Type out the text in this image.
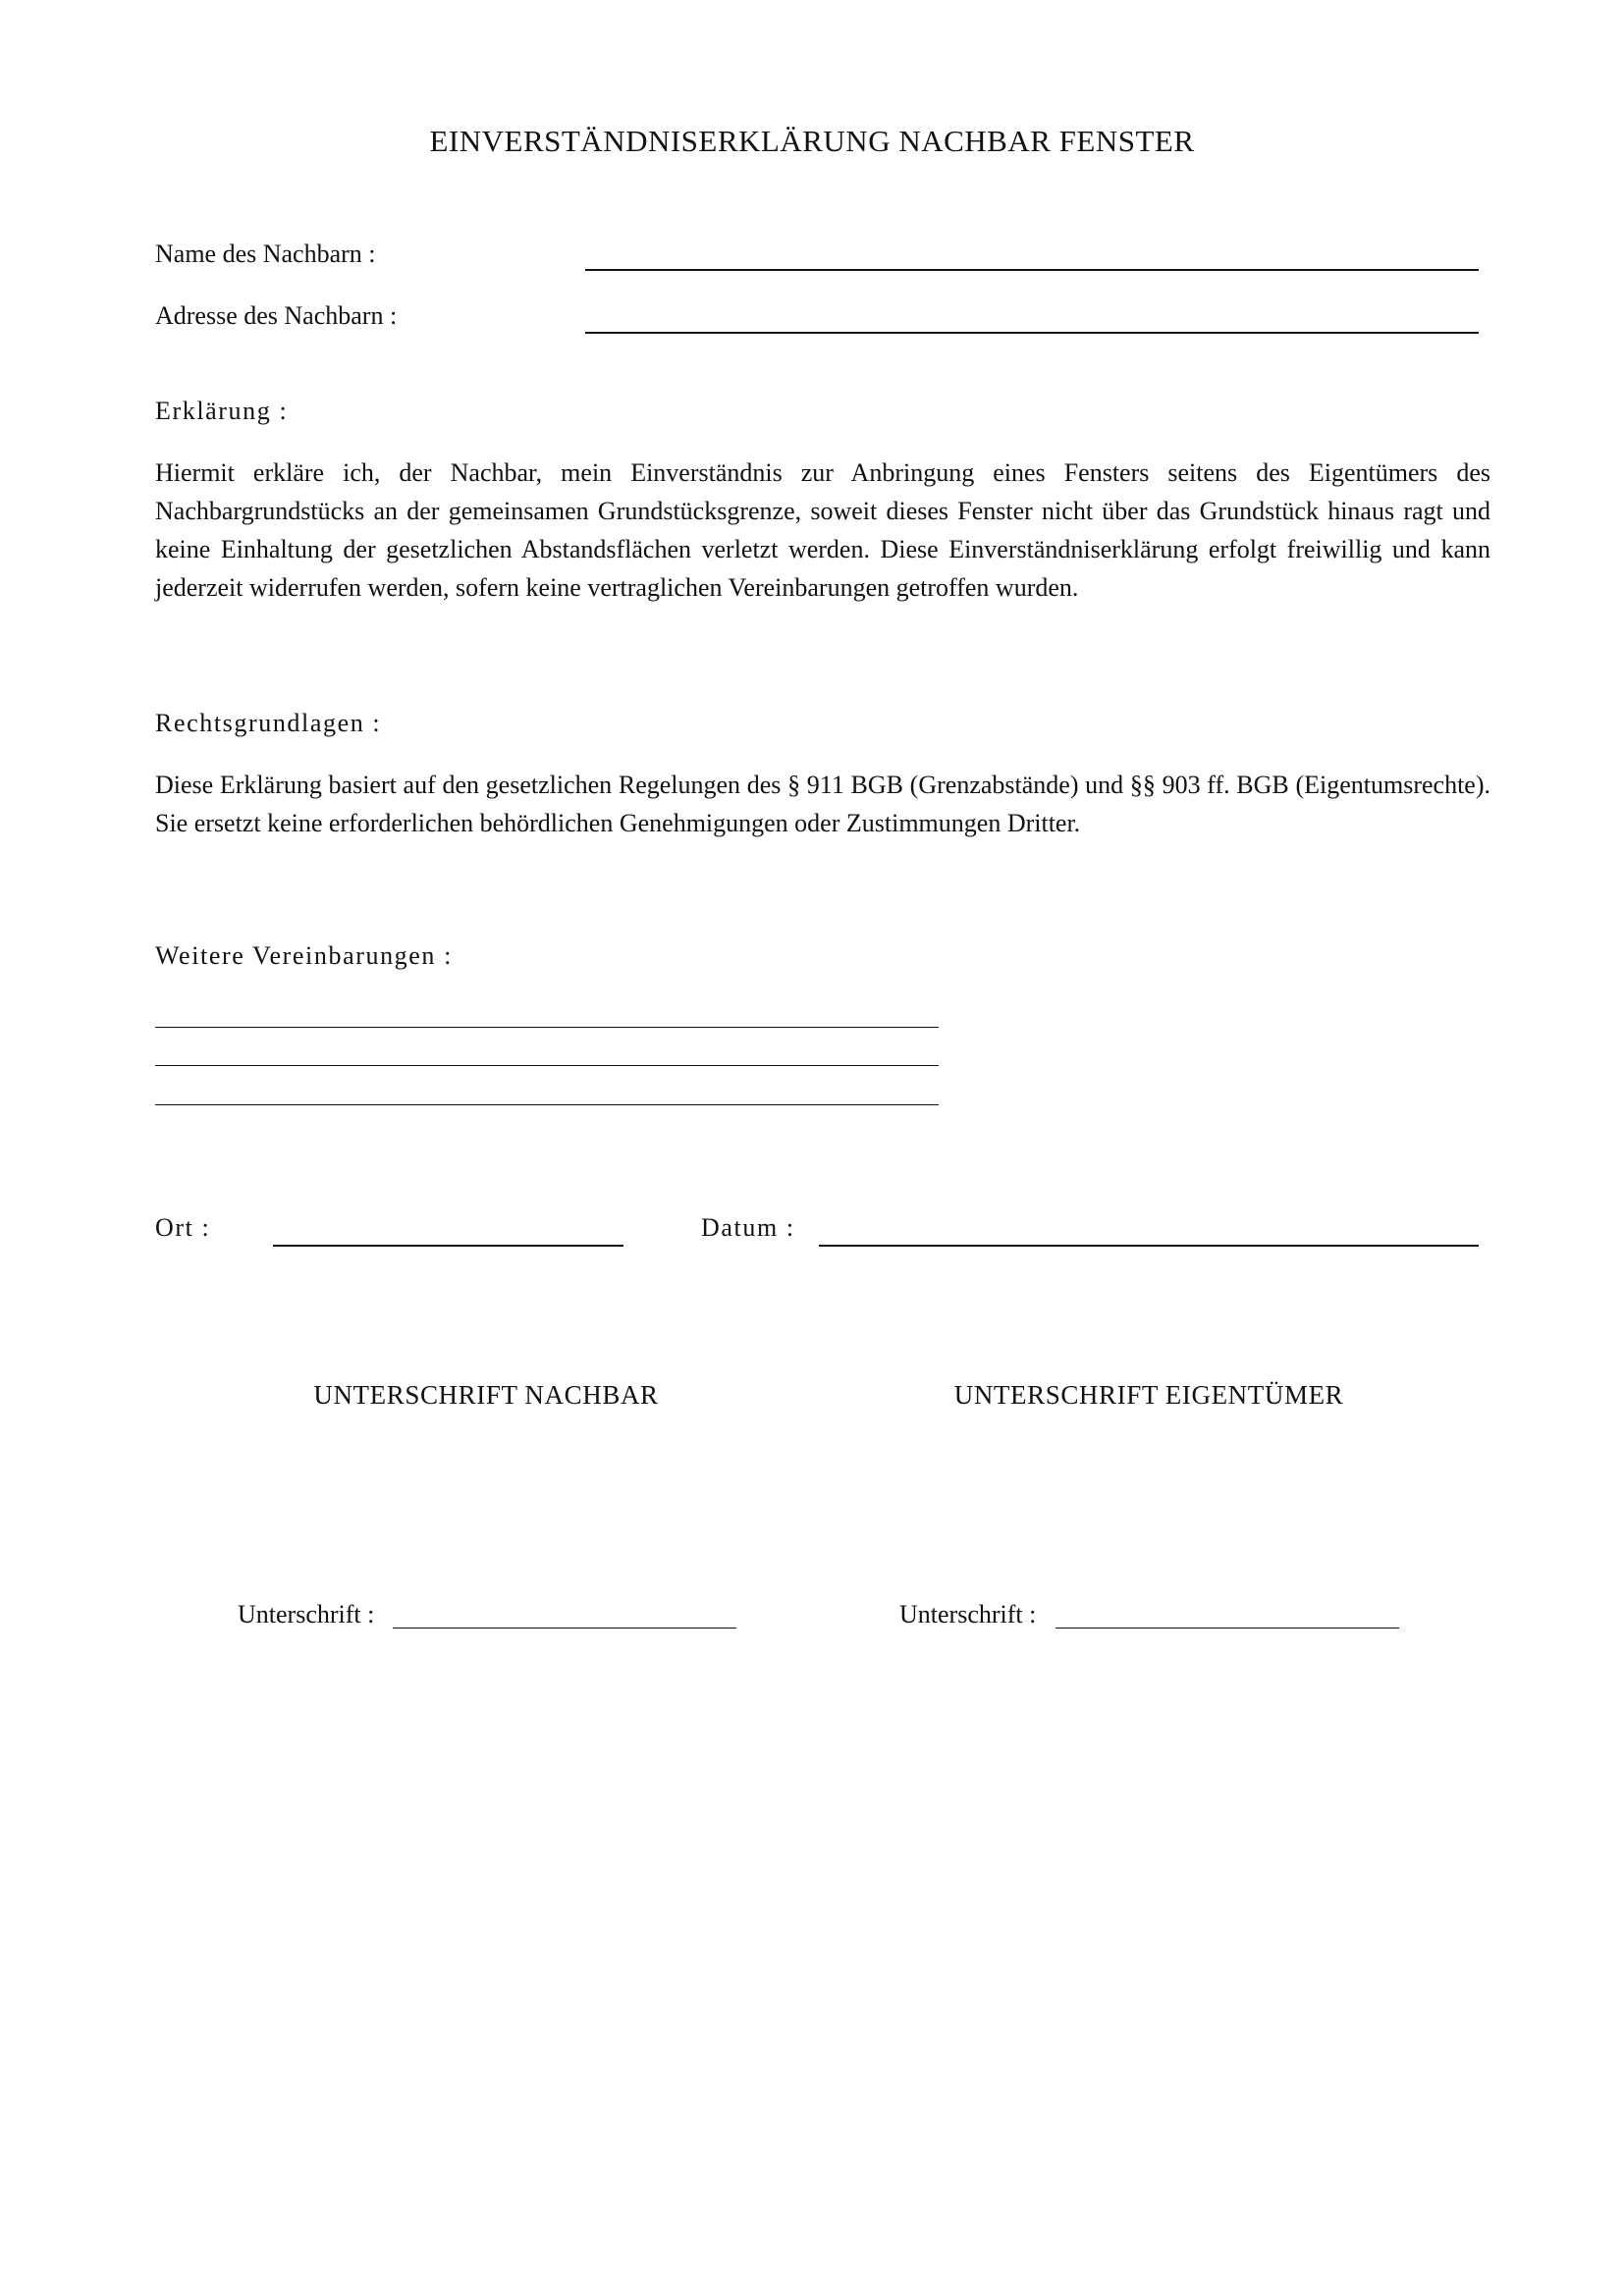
EINVERSTÄNDNISERKLÄRUNG NACHBAR FENSTER
Name des Nachbarn :
Adresse des Nachbarn :
Erklärung :
Hiermit erkläre ich, der Nachbar, mein Einverständnis zur Anbringung eines Fensters seitens des Eigentümers des Nachbargrundstücks an der gemeinsamen Grundstücksgrenze, soweit dieses Fenster nicht über das Grundstück hinaus ragt und keine Einhaltung der gesetzlichen Abstandsflächen verletzt werden. Diese Einverständniserklärung erfolgt freiwillig und kann jederzeit widerrufen werden, sofern keine vertraglichen Vereinbarungen getroffen wurden.
Rechtsgrundlagen :
Diese Erklärung basiert auf den gesetzlichen Regelungen des § 911 BGB (Grenzabstände) und §§ 903 ff. BGB (Eigentumsrechte). Sie ersetzt keine erforderlichen behördlichen Genehmigungen oder Zustimmungen Dritter.
Weitere Vereinbarungen :
Ort :	Datum :
UNTERSCHRIFT NACHBAR	UNTERSCHRIFT EIGENTÜMER
Unterschrift :	Unterschrift :
